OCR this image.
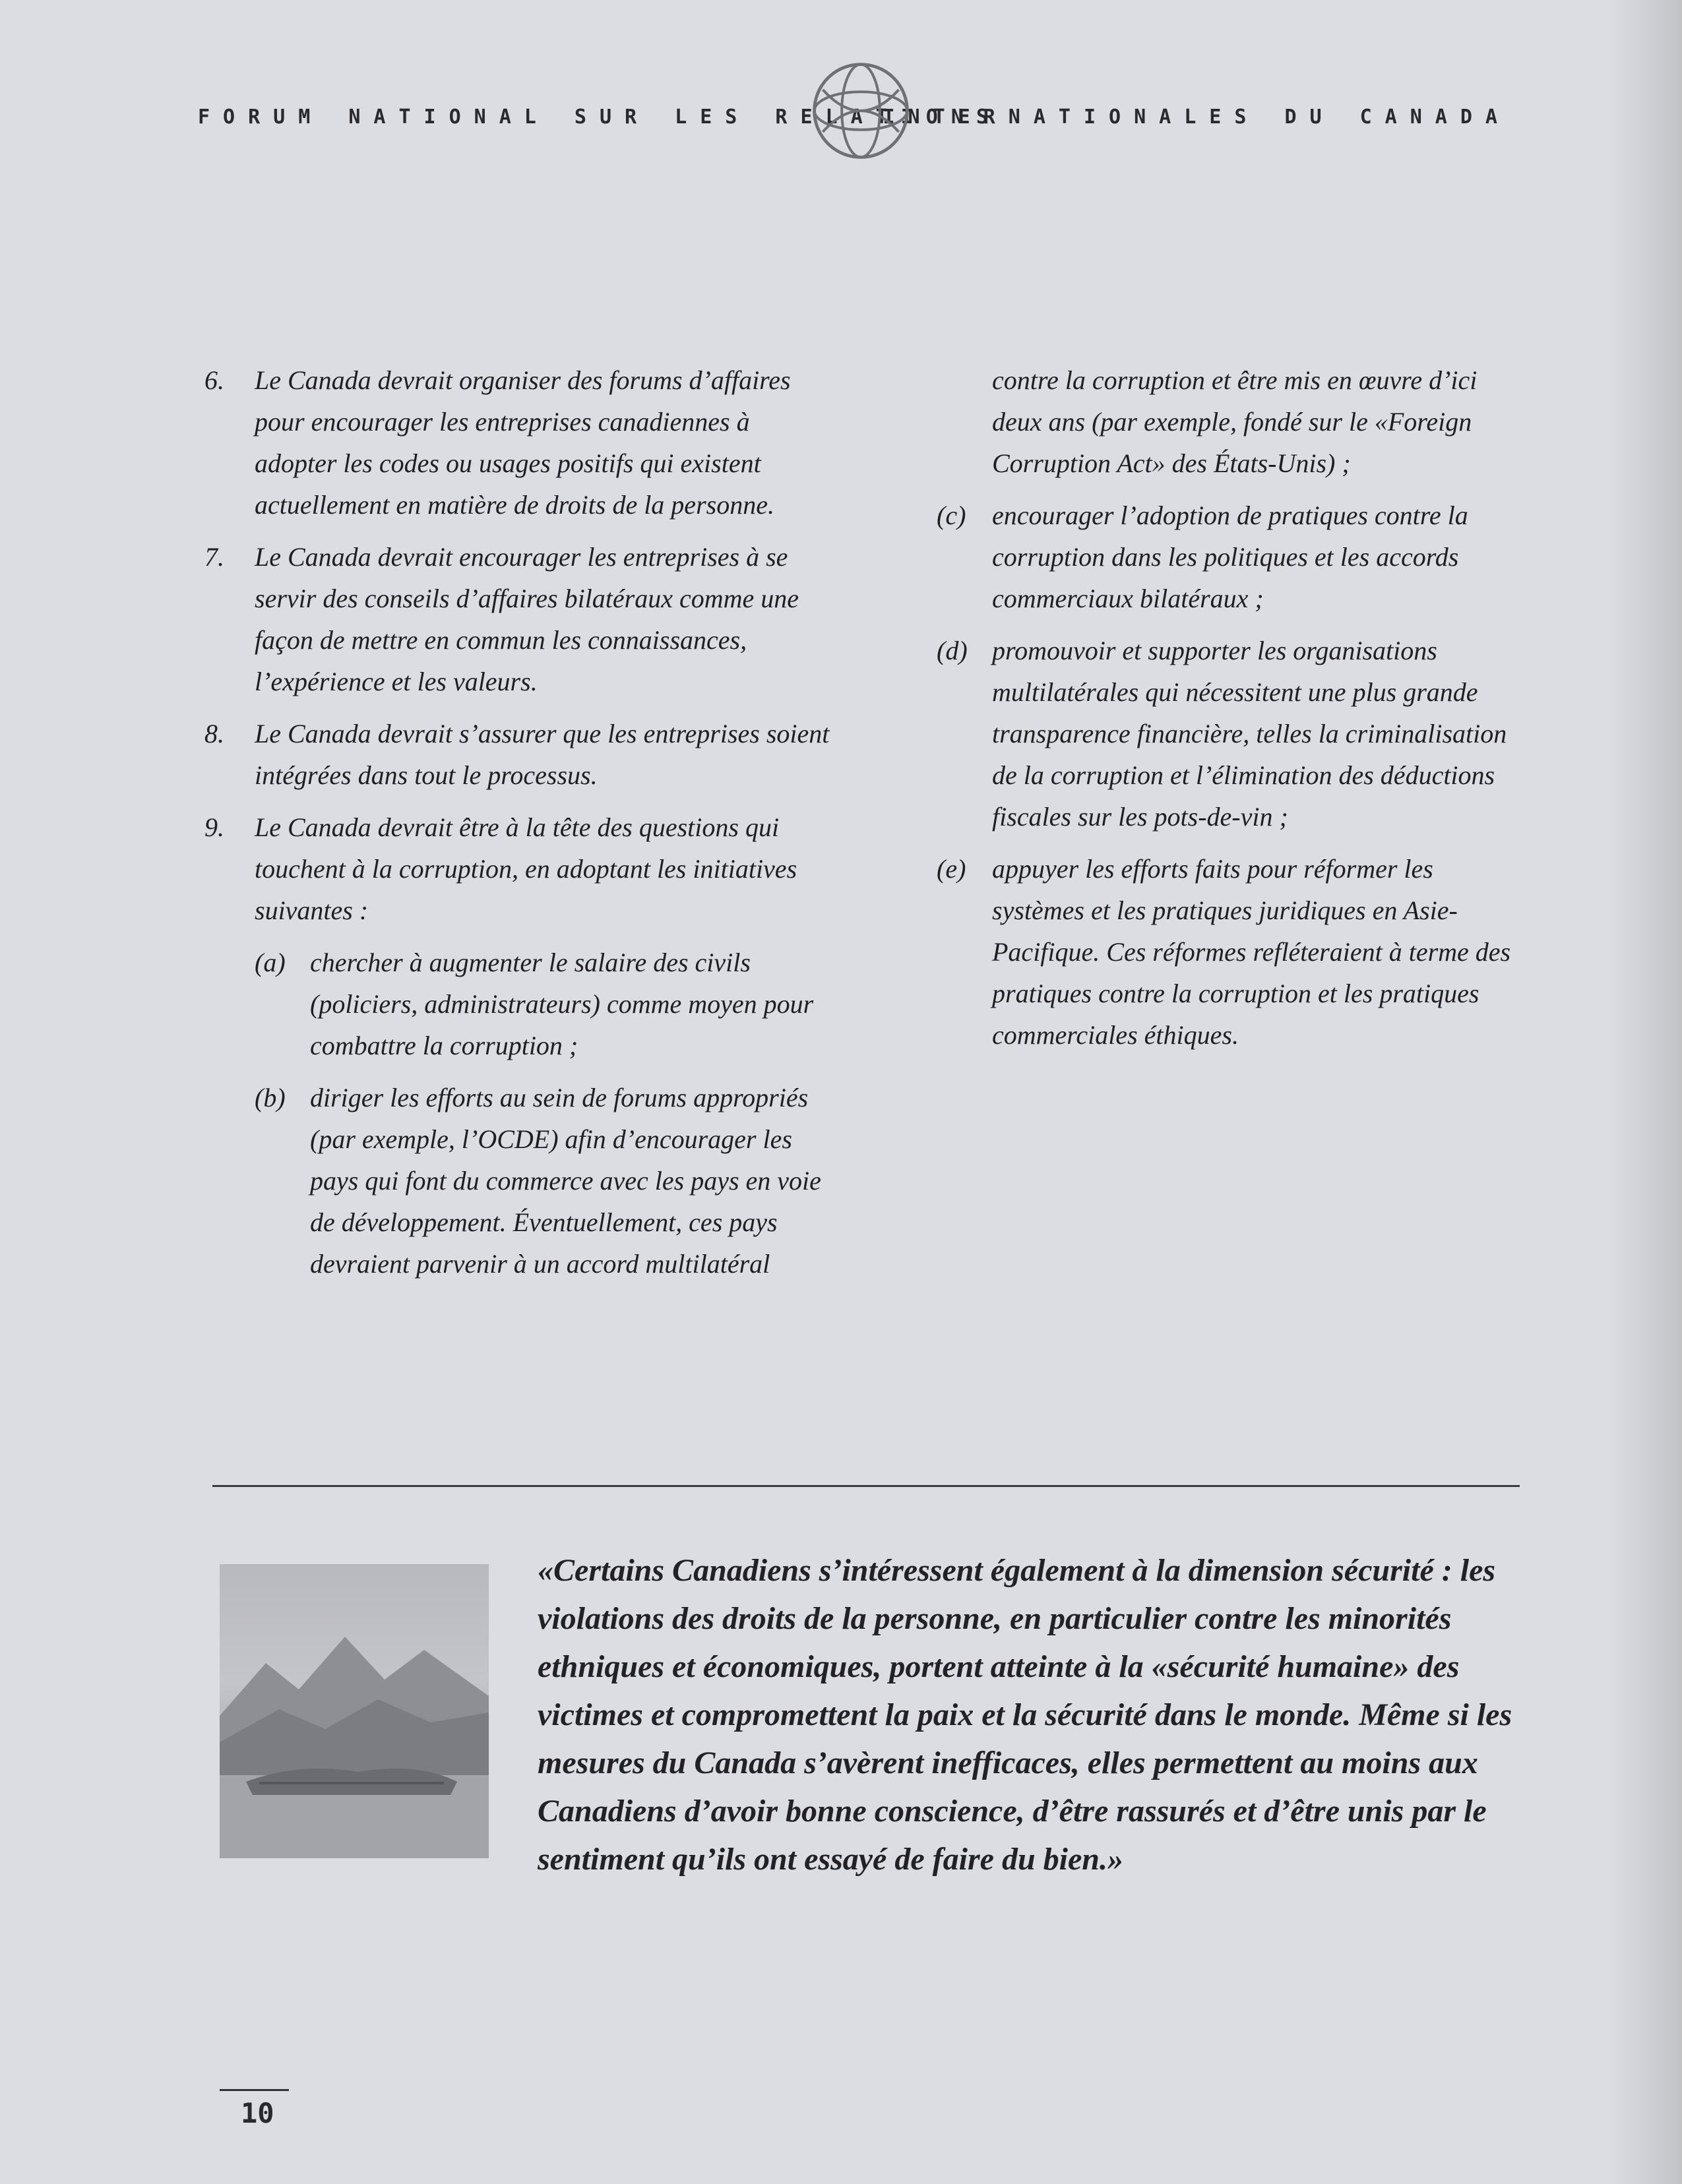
FORUM NATIONAL SUR LES RELATIONS
INTERNATIONALES DU CANADA
6. Le Canada devrait organiser des forums d’affaires pour encourager les entreprises canadiennes à adopter les codes ou usages positifs qui existent actuellement en matière de droits de la personne.
7. Le Canada devrait encourager les entreprises à se servir des conseils d’affaires bilatéraux comme une façon de mettre en commun les connaissances, l’expérience et les valeurs.
8. Le Canada devrait s’assurer que les entreprises soient intégrées dans tout le processus.
9. Le Canada devrait être à la tête des questions qui touchent à la corruption, en adoptant les initiatives suivantes :
(a) chercher à augmenter le salaire des civils (policiers, administrateurs) comme moyen pour combattre la corruption ;
(b) diriger les efforts au sein de forums appropriés (par exemple, l’OCDE) afin d’encourager les pays qui font du commerce avec les pays en voie de développement. Éventuellement, ces pays devraient parvenir à un accord multilatéral
contre la corruption et être mis en œuvre d’ici deux ans (par exemple, fondé sur le «Foreign Corruption Act» des États-Unis) ;
(c) encourager l’adoption de pratiques contre la corruption dans les politiques et les accords commerciaux bilatéraux ;
(d) promouvoir et supporter les organisations multilatérales qui nécessitent une plus grande transparence financière, telles la criminalisation de la corruption et l’élimination des déductions fiscales sur les pots-de-vin ;
(e) appuyer les efforts faits pour réformer les systèmes et les pratiques juridiques en Asie-Pacifique. Ces réformes refléteraient à terme des pratiques contre la corruption et les pratiques commerciales éthiques.
«Certains Canadiens s’intéressent également à la dimension sécurité : les violations des droits de la personne, en particulier contre les minorités ethniques et économiques, portent atteinte à la «sécurité humaine» des victimes et compromettent la paix et la sécurité dans le monde. Même si les mesures du Canada s’avèrent inefficaces, elles permettent au moins aux Canadiens d’avoir bonne conscience, d’être rassurés et d’être unis par le sentiment qu’ils ont essayé de faire du bien.»
10
